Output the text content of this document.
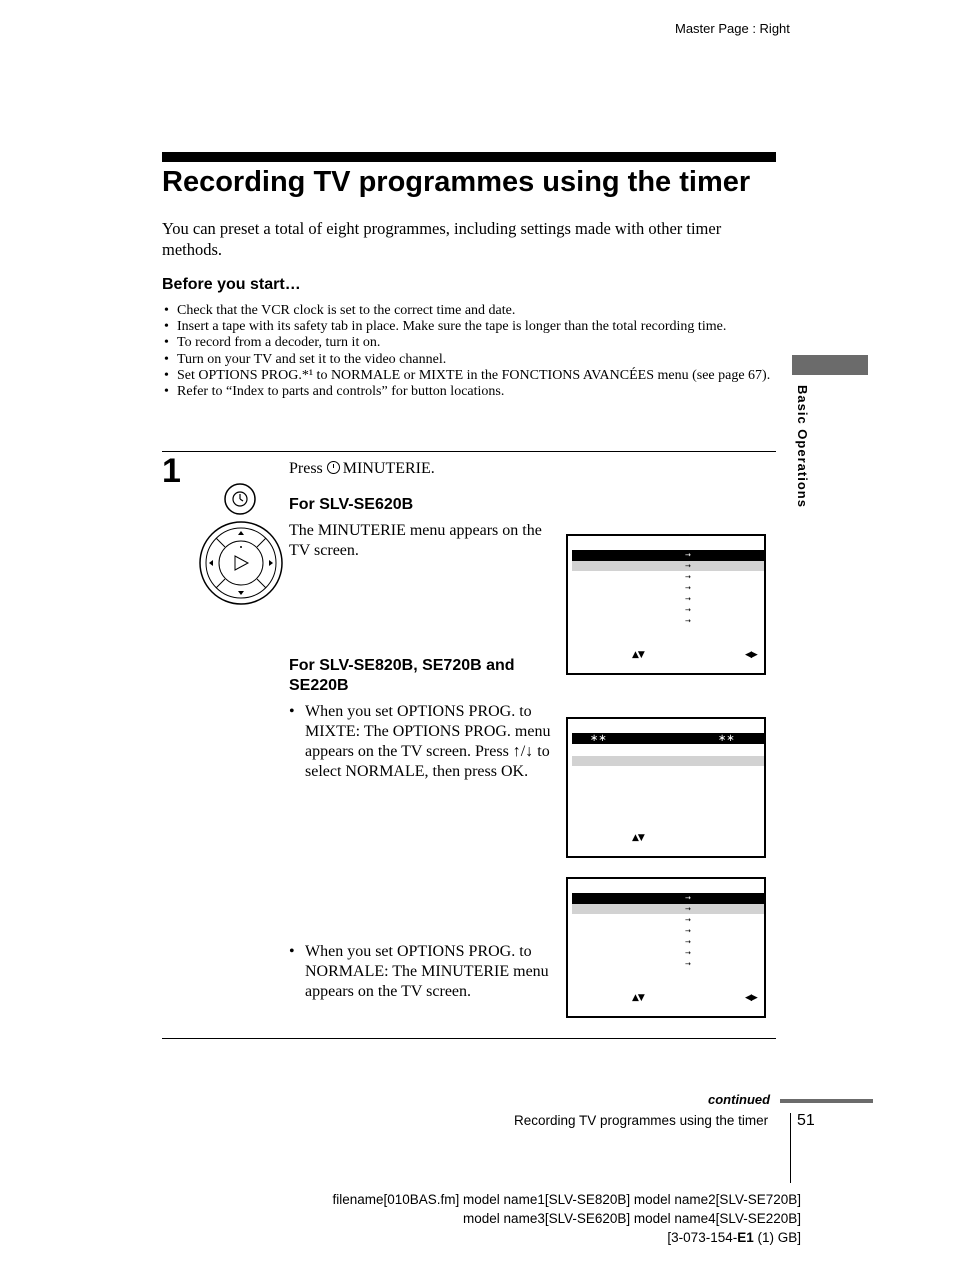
Master Page : Right
Recording TV programmes using the timer
You can preset a total of eight programmes, including settings made with other timer methods.
Before you start…
• Check that the VCR clock is set to the correct time and date.
• Insert a tape with its safety tab in place. Make sure the tape is longer than the total recording time.
• To record from a decoder, turn it on.
• Turn on your TV and set it to the video channel.
• Set OPTIONS PROG.*¹ to NORMALE or MIXTE in the FONCTIONS AVANCÉES menu (see page 67).
• Refer to “Index to parts and controls” for button locations.	Basic Operations
1	Press MINUTERIE.
For SLV-SE620B
The MINUTERIE menu appears on the TV screen.
For SLV-SE820B, SE720B and SE220B
• When you set OPTIONS PROG. to MIXTE: The OPTIONS PROG. menu appears on the TV screen. Press ↑/↓ to select NORMALE, then press OK.
• When you set OPTIONS PROG. to NORMALE: The MINUTERIE menu appears on the TV screen.
→
→
→
→
→
→
→
▲▼	◀▶
∗∗	∗∗
▲▼
→
→
→
→
→
→
→
▲▼	◀▶
continued
Recording TV programmes using the timer 51
filename[010BAS.fm] model name1[SLV-SE820B] model name2[SLV-SE720B]
model name3[SLV-SE620B] model name4[SLV-SE220B]
[3-073-154-E1 (1) GB]
